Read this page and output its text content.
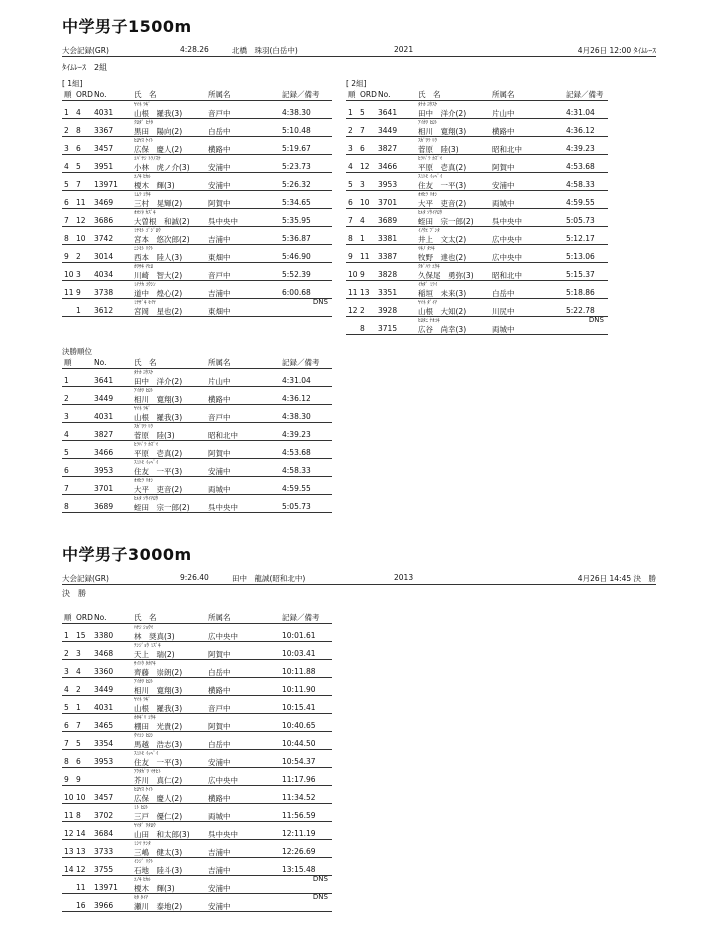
中学男子1500m
大会記録(GR)	4:28.26	北橋　珠羽(白岳中)	2021	4月26日 12:00 ﾀｲﾑﾚｰｽ
ﾀｲﾑﾚｰｽ　2組
[ 1組]
順 ORD No.	氏　名	所属名	記録／備考
ﾔﾏﾈ ﾗｷﾞ
1 4 4031	山根　羅我(3)	音戸中	4:38.30
ｸﾛﾀﾞ ﾋﾅﾀ
2 8 3367	黒田　陽向(2)	白岳中	5:10.48
ﾋﾛﾔｽ ｹｲﾄ
3 6 3457	広保　慶人(2)	横路中	5:19.67
ｺﾊﾞﾔｼ ﾄﾗﾉｽｹ
4 5 3951	小林　虎ノ介(3) 安浦中	5:23.73
ｴﾉｷ ﾋｶﾙ
5 7 13971 榎木　輝(3)	安浦中	5:26.32
ﾐﾑﾗ ｺｳｷ
6 11 3469	三村　晃輝(2)	阿賀中	5:34.65
ｵｵｿﾈ ｶｽﾞｷ
7 12 3686	大曽根　和誠(2) 呉中央中	5:35.95
ﾐﾔﾓﾄ ｺﾞｼﾞﾛｳ
8 10 3742	宮本　悠次郎(2) 吉浦中	5:36.87
ﾆｼﾓﾄ ﾘｸﾄ
9 2 3014	西本　陸人(3)	東畑中	5:46.90
ｶﾜｻｷ ﾁﾋﾛ
10 3 4034	川崎　智大(2)	音戸中	5:52.39
ﾐﾁﾅｶ ｺｳｼﾝ
11 9 3738	道中　煌心(2)	吉浦中	6:00.68
ﾐﾔｻﾞｷ ｾｲﾔ
1 3612	宮岡　星也(2)	東畑中
DNS
[ 2組]
順 ORD No.	氏　名	所属名	記録／備考
ﾀﾅｶ ﾖｳｽｹ
1 5 3641	田中　洋介(2)	片山中	4:31.04
ｱｲｶﾜ ﾋﾛﾄ
2 7 3449	相川　寛翔(3)	横路中	4:36.12
ｽｶﾞﾜﾗ ﾘｸ
3 6 3827	菅原　陸(3)	昭和北中	4:39.23
ﾋﾗﾊﾞﾗ ｶｽﾞﾏ
4 12 3466	平原　壱真(2)	阿賀中	4:53.68
ｽﾐﾄﾓ ｲｯﾍﾟｲ
5 3 3953	住友　一平(3)	安浦中	4:58.33
ｵｵﾋﾗ ﾘｵﾝ
6 10 3701	大平　吏音(2)	両城中	4:59.55
ﾋﾙﾀ ｿｳｲﾁﾛｳ
7 4 3689	蛭田　宗一郎(2) 呉中央中	5:05.73
ｲﾉｳｴ ﾌﾞﾝﾀ
8 1 3381	井上　文太(2)	広中央中	5:12.17
ﾏｷﾉ ﾀﾂｷ
9 11 3387	牧野　達也(2)	広中央中	5:13.06
ｸﾎﾞﾊﾗ ﾕｳｷ
10 9 3828	久保尾　勇弥(3) 昭和北中	5:15.37
ｲｶﾀﾞ ﾐﾗｲ
11 13 3351	稲垣　未来(3)	白岳中	5:18.86
ﾔﾏﾈ ﾀﾞｲﾁ
12 2 3928	山根　大知(2)	川尻中	5:22.78
ﾋﾛﾀﾆ ﾅｵﾕｷ
8 3715	広谷　尚幸(3)	両城中
DNS
決勝順位
順	No.	氏　名	所属名	記録／備考
ﾀﾅｶ ﾖｳｽｹ
1	3641	田中　洋介(2)	片山中	4:31.04
ｱｲｶﾜ ﾋﾛﾄ
2	3449	相川　寛翔(3)	横路中	4:36.12
ﾔﾏﾈ ﾗｷﾞ
3	4031	山根　羅我(3)	音戸中	4:38.30
ｽｶﾞﾜﾗ ﾘｸ
4	3827	菅原　陸(3)	昭和北中	4:39.23
ﾋﾗﾊﾞﾗ ｶｽﾞﾏ
5	3466	平原　壱真(2)	阿賀中	4:53.68
ｽﾐﾄﾓ ｲｯﾍﾟｲ
6	3953	住友　一平(3)	安浦中	4:58.33
ｵｵﾋﾗ ﾘｵﾝ
7	3701	大平　吏音(2)	両城中	4:59.55
ﾋﾙﾀ ｿｳｲﾁﾛｳ
8	3689	蛭田　宗一郎(2) 呉中央中	5:05.73
中学男子3000m
大会記録(GR)	9:26.40	田中　龍誠(昭和北中)	2013	4月26日 14:45 決　勝
決　勝
順 ORD No.	氏　名	所属名	記録／備考
ﾊﾔｼ ｼｮｳﾏ
1 15 3380	林　奨真(3)	広中央中	10:01.61
ﾃﾝｼﾞｮｳ ﾐｽﾞｷ
2 3 3468	天上　瑞(2)	阿賀中	10:03.41
ｻｲﾄｳ ﾀｶｱｷ
3 4 3360	齊藤　崇朗(2)	白岳中	10:11.88
ｱｲｶﾜ ﾋﾛﾄ
4 2 3449	相川　寛翔(3)	横路中	10:11.90
ﾔﾏﾈ ﾗｷﾞ
5 1 4031	山根　羅我(3)	音戸中	10:15.41
ｶﾀｷﾞﾘ ｺｳｷ
6 7 3465	棚田　光貴(2)	阿賀中	10:40.65
ｳﾏｺｼ ﾋﾛｼ
7 5 3354	馬越　浩志(3)	白岳中	10:44.50
ｽﾐﾄﾓ ｲｯﾍﾟｲ
8 6 3953	住友　一平(3)	安浦中	10:54.37
ｱｸﾀｶﾞﾜ ﾏｻﾋﾄ
9 9	芥川　真仁(2)	広中央中	11:17.96
ﾋﾛﾔｽ ｹｲﾄ
10 10 3457	広保　慶人(2)	横路中	11:34.52
ﾐﾄ ﾋﾛﾄ
11 8 3702	三戸　優仁(2)	両城中	11:56.59
ﾔﾏﾀﾞ ﾜﾀﾛｳ
12 14 3684	山田　和太郎(3) 呉中央中	12:11.19
ﾐｼﾏ ｹﾝﾀ
13 13 3733	三嶋　健太(3)	吉浦中	12:26.69
ｲｼｼﾞ ﾘｸﾄ
14 12 3755	石地　陸斗(3)	吉浦中	13:15.48
ｴﾉｷ ﾋｶﾙ
11 13971 榎木　輝(3)	安浦中
DNS
ｾﾀ ﾀｲﾁ
16 3966	瀬川　泰地(2)	安浦中
DNS
